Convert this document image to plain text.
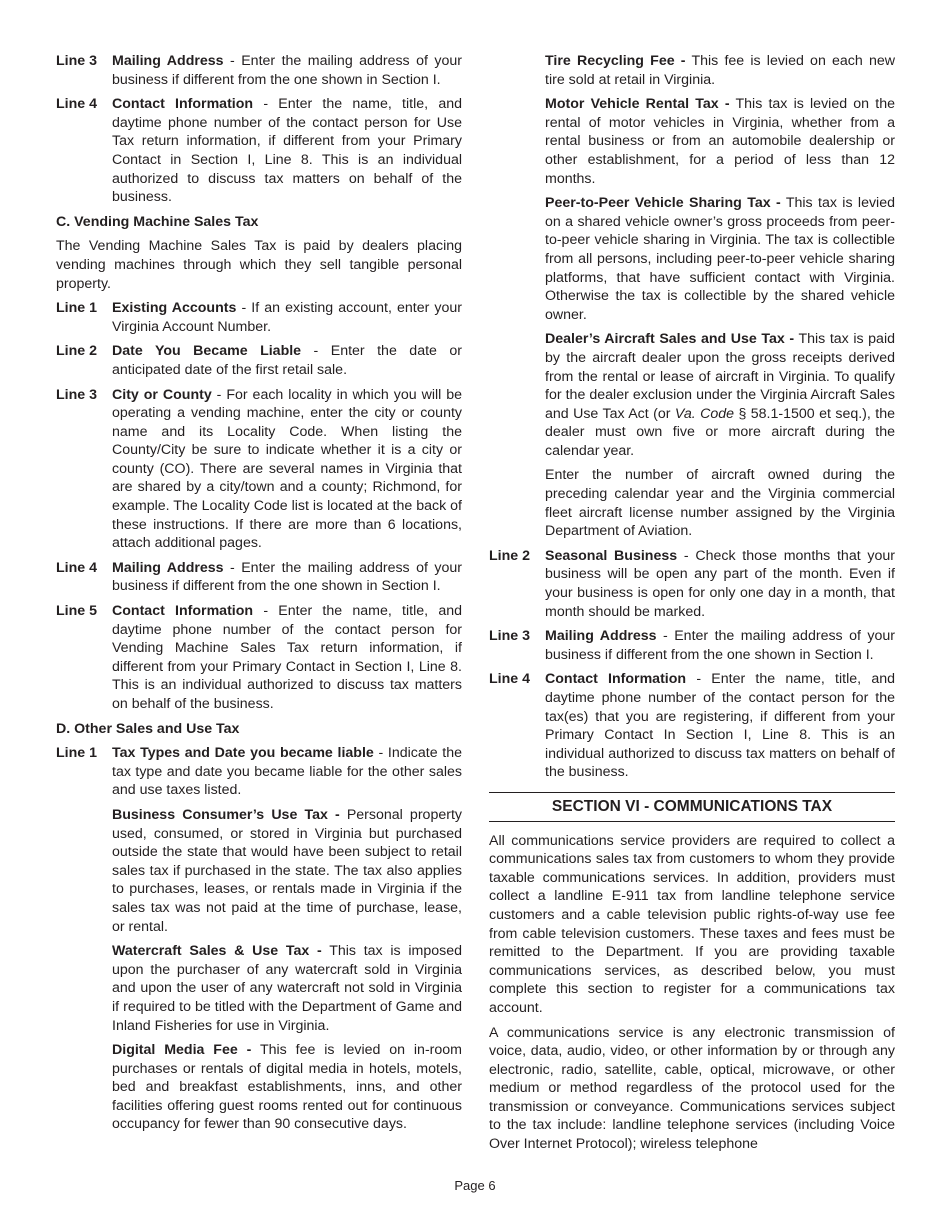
Line 3 Mailing Address - Enter the mailing address of your business if different from the one shown in Section I.
Line 4 Contact Information - Enter the name, title, and daytime phone number of the contact person for Use Tax return information, if different from your Primary Contact in Section I, Line 8. This is an individual authorized to discuss tax matters on behalf of the business.
C. Vending Machine Sales Tax
The Vending Machine Sales Tax is paid by dealers placing vending machines through which they sell tangible personal property.
Line 1 Existing Accounts - If an existing account, enter your Virginia Account Number.
Line 2 Date You Became Liable - Enter the date or anticipated date of the first retail sale.
Line 3 City or County - For each locality in which you will be operating a vending machine, enter the city or county name and its Locality Code. When listing the County/City be sure to indicate whether it is a city or county (CO). There are several names in Virginia that are shared by a city/town and a county; Richmond, for example. The Locality Code list is located at the back of these instructions. If there are more than 6 locations, attach additional pages.
Line 4 Mailing Address - Enter the mailing address of your business if different from the one shown in Section I.
Line 5 Contact Information - Enter the name, title, and daytime phone number of the contact person for Vending Machine Sales Tax return information, if different from your Primary Contact in Section I, Line 8. This is an individual authorized to discuss tax matters on behalf of the business.
D. Other Sales and Use Tax
Line 1 Tax Types and Date you became liable - Indicate the tax type and date you became liable for the other sales and use taxes listed.
Business Consumer’s Use Tax - Personal property used, consumed, or stored in Virginia but purchased outside the state that would have been subject to retail sales tax if purchased in the state. The tax also applies to purchases, leases, or rentals made in Virginia if the sales tax was not paid at the time of purchase, lease, or rental.
Watercraft Sales & Use Tax - This tax is imposed upon the purchaser of any watercraft sold in Virginia and upon the user of any watercraft not sold in Virginia if required to be titled with the Department of Game and Inland Fisheries for use in Virginia.
Digital Media Fee - This fee is levied on in-room purchases or rentals of digital media in hotels, motels, bed and breakfast establishments, inns, and other facilities offering guest rooms rented out for continuous occupancy for fewer than 90 consecutive days.
Tire Recycling Fee - This fee is levied on each new tire sold at retail in Virginia.
Motor Vehicle Rental Tax - This tax is levied on the rental of motor vehicles in Virginia, whether from a rental business or from an automobile dealership or other establishment, for a period of less than 12 months.
Peer-to-Peer Vehicle Sharing Tax - This tax is levied on a shared vehicle owner’s gross proceeds from peer-to-peer vehicle sharing in Virginia. The tax is collectible from all persons, including peer-to-peer vehicle sharing platforms, that have sufficient contact with Virginia. Otherwise the tax is collectible by the shared vehicle owner.
Dealer’s Aircraft Sales and Use Tax - This tax is paid by the aircraft dealer upon the gross receipts derived from the rental or lease of aircraft in Virginia. To qualify for the dealer exclusion under the Virginia Aircraft Sales and Use Tax Act (or Va. Code § 58.1-1500 et seq.), the dealer must own five or more aircraft during the calendar year.
Enter the number of aircraft owned during the preceding calendar year and the Virginia commercial fleet aircraft license number assigned by the Virginia Department of Aviation.
Line 2 Seasonal Business - Check those months that your business will be open any part of the month. Even if your business is open for only one day in a month, that month should be marked.
Line 3 Mailing Address - Enter the mailing address of your business if different from the one shown in Section I.
Line 4 Contact Information - Enter the name, title, and daytime phone number of the contact person for the tax(es) that you are registering, if different from your Primary Contact In Section I, Line 8. This is an individual authorized to discuss tax matters on behalf of the business.
SECTION VI - COMMUNICATIONS TAX
All communications service providers are required to collect a communications sales tax from customers to whom they provide taxable communications services. In addition, providers must collect a landline E-911 tax from landline telephone service customers and a cable television public rights-of-way use fee from cable television customers. These taxes and fees must be remitted to the Department. If you are providing taxable communications services, as described below, you must complete this section to register for a communications tax account.
A communications service is any electronic transmission of voice, data, audio, video, or other information by or through any electronic, radio, satellite, cable, optical, microwave, or other medium or method regardless of the protocol used for the transmission or conveyance. Communications services subject to the tax include: landline telephone services (including Voice Over Internet Protocol); wireless telephone
Page 6
